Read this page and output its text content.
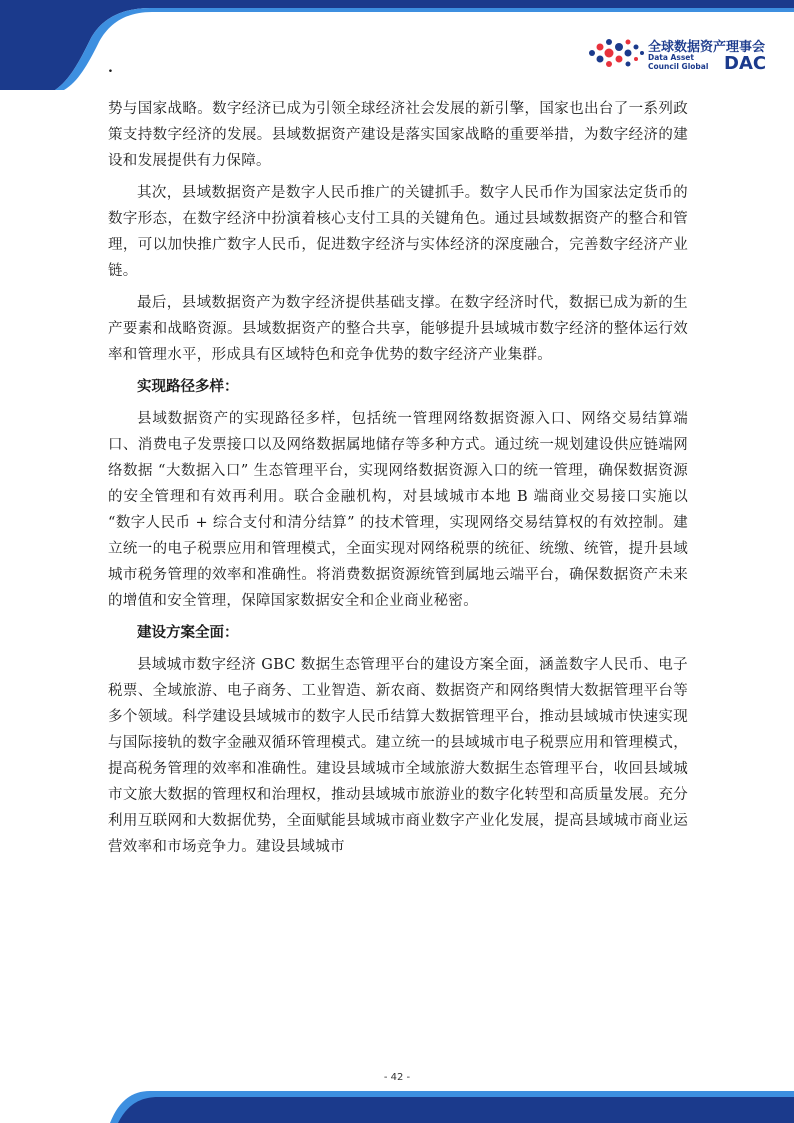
.
全球数据资产理事会
Data Asset
Council Global DAC

势与国家战略。数字经济已成为引领全球经济社会发展的新引擎，国家也出台了一系列政策支持数字经济的发展。县域数据资产建设是落实国家战略的重要举措，为数字经济的建设和发展提供有力保障。

其次，县域数据资产是数字人民币推广的关键抓手。数字人民币作为国家法定货币的数字形态，在数字经济中扮演着核心支付工具的关键角色。通过县域数据资产的整合和管理，可以加快推广数字人民币，促进数字经济与实体经济的深度融合，完善数字经济产业链。

最后，县域数据资产为数字经济提供基础支撑。在数字经济时代，数据已成为新的生产要素和战略资源。县域数据资产的整合共享，能够提升县域城市数字经济的整体运行效率和管理水平，形成具有区域特色和竞争优势的数字经济产业集群。

实现路径多样：

县域数据资产的实现路径多样，包括统一管理网络数据资源入口、网络交易结算端口、消费电子发票接口以及网络数据属地储存等多种方式。通过统一规划建设供应链端网络数据 “大数据入口” 生态管理平台，实现网络数据资源入口的统一管理，确保数据资源的安全管理和有效再利用。联合金融机构，对县域城市本地 B 端商业交易接口实施以 “数字人民币 + 综合支付和清分结算” 的技术管理，实现网络交易结算权的有效控制。建立统一的电子税票应用和管理模式，全面实现对网络税票的统征、统缴、统管，提升县域城市税务管理的效率和准确性。将消费数据资源统管到属地云端平台，确保数据资产未来的增值和安全管理，保障国家数据安全和企业商业秘密。

建设方案全面：

县域城市数字经济 GBC 数据生态管理平台的建设方案全面，涵盖数字人民币、电子税票、全域旅游、电子商务、工业智造、新农商、数据资产和网络舆情大数据管理平台等多个领域。科学建设县域城市的数字人民币结算大数据管理平台，推动县域城市快速实现与国际接轨的数字金融双循环管理模式。建立统一的县域城市电子税票应用和管理模式，提高税务管理的效率和准确性。建设县域城市全域旅游大数据生态管理平台，收回县域城市文旅大数据的管理权和治理权，推动县域城市旅游业的数字化转型和高质量发展。充分利用互联网和大数据优势，全面赋能县域城市商业数字产业化发展，提高县域城市商业运营效率和市场竞争力。建设县域城市

- 42 -
